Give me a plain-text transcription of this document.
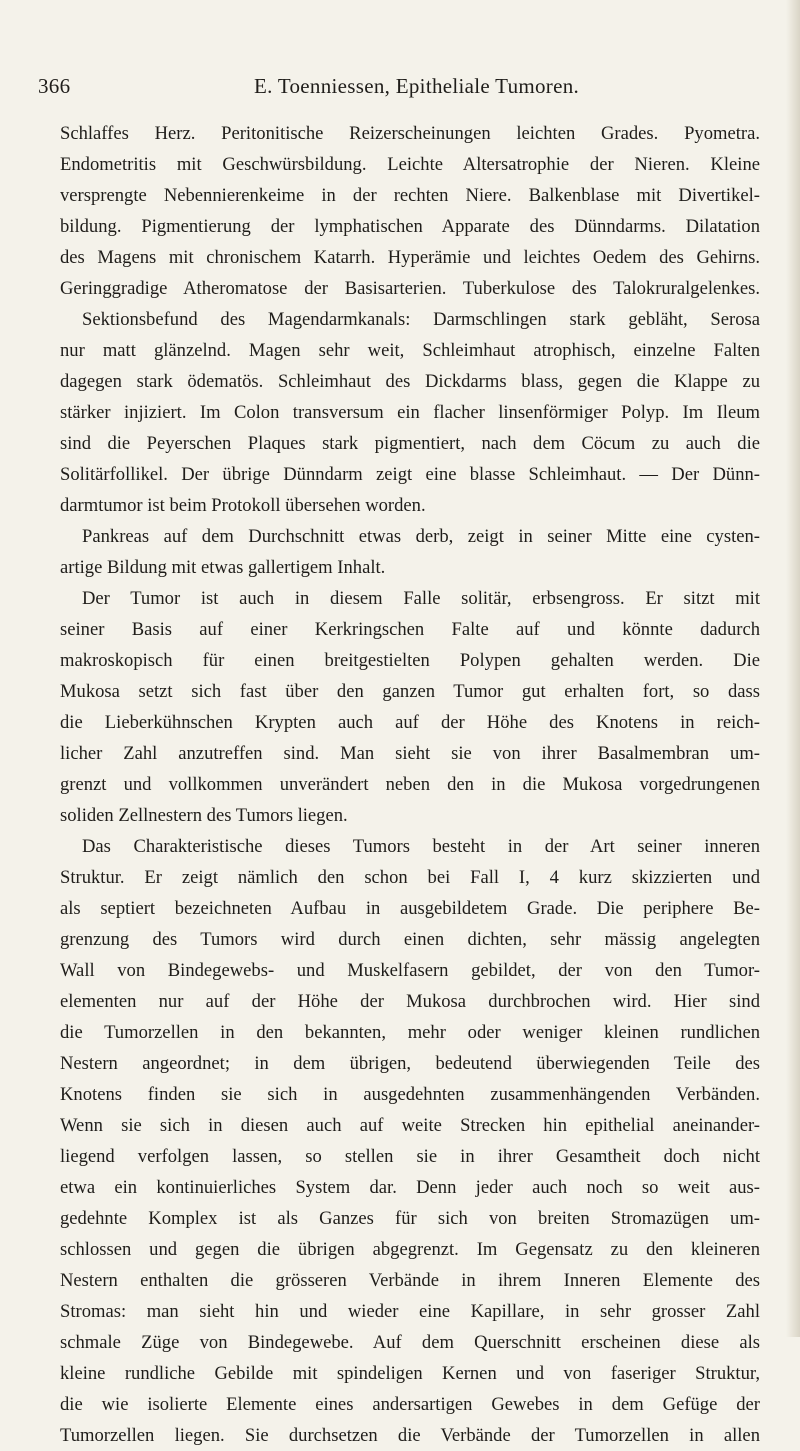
366	E. Toenniessen, Epitheliale Tumoren.

Schlaffes Herz. Peritonitische Reizerscheinungen leichten Grades. Pyometra.

Endometritis mit Geschwürsbildung. Leichte Altersatrophie der Nieren. Kleine

versprengte Nebennierenkeime in der rechten Niere. Balkenblase mit Divertikel-

bildung. Pigmentierung der lymphatischen Apparate des Dünndarms. Dilatation

des Magens mit chronischem Katarrh. Hyperämie und leichtes Oedem des Gehirns.

Geringgradige Atheromatose der Basisarterien. Tuberkulose des Talokruralgelenkes.

Sektionsbefund des Magendarmkanals: Darmschlingen stark gebläht, Serosa

nur matt glänzelnd. Magen sehr weit, Schleimhaut atrophisch, einzelne Falten

dagegen stark ödematös. Schleimhaut des Dickdarms blass, gegen die Klappe zu

stärker injiziert. Im Colon transversum ein flacher linsenförmiger Polyp. Im Ileum

sind die Peyerschen Plaques stark pigmentiert, nach dem Cöcum zu auch die

Solitärfollikel. Der übrige Dünndarm zeigt eine blasse Schleimhaut. — Der Dünn-

darmtumor ist beim Protokoll übersehen worden.

Pankreas auf dem Durchschnitt etwas derb, zeigt in seiner Mitte eine cysten-

artige Bildung mit etwas gallertigem Inhalt.

Der Tumor ist auch in diesem Falle solitär, erbsengross. Er sitzt mit

seiner Basis auf einer Kerkringschen Falte auf und könnte dadurch

makroskopisch für einen breitgestielten Polypen gehalten werden. Die

Mukosa setzt sich fast über den ganzen Tumor gut erhalten fort, so dass

die Lieberkühnschen Krypten auch auf der Höhe des Knotens in reich-

licher Zahl anzutreffen sind. Man sieht sie von ihrer Basalmembran um-

grenzt und vollkommen unverändert neben den in die Mukosa vorgedrungenen

soliden Zellnestern des Tumors liegen.

Das Charakteristische dieses Tumors besteht in der Art seiner inneren

Struktur. Er zeigt nämlich den schon bei Fall I, 4 kurz skizzierten und

als septiert bezeichneten Aufbau in ausgebildetem Grade. Die periphere Be-

grenzung des Tumors wird durch einen dichten, sehr mässig angelegten

Wall von Bindegewebs- und Muskelfasern gebildet, der von den Tumor-

elementen nur auf der Höhe der Mukosa durchbrochen wird. Hier sind

die Tumorzellen in den bekannten, mehr oder weniger kleinen rundlichen

Nestern angeordnet; in dem übrigen, bedeutend überwiegenden Teile des

Knotens finden sie sich in ausgedehnten zusammenhängenden Verbänden.

Wenn sie sich in diesen auch auf weite Strecken hin epithelial aneinander-

liegend verfolgen lassen, so stellen sie in ihrer Gesamtheit doch nicht

etwa ein kontinuierliches System dar. Denn jeder auch noch so weit aus-

gedehnte Komplex ist als Ganzes für sich von breiten Stromazügen um-

schlossen und gegen die übrigen abgegrenzt. Im Gegensatz zu den kleineren

Nestern enthalten die grösseren Verbände in ihrem Inneren Elemente des

Stromas: man sieht hin und wieder eine Kapillare, in sehr grosser Zahl

schmale Züge von Bindegewebe. Auf dem Querschnitt erscheinen diese als

kleine rundliche Gebilde mit spindeligen Kernen und von faseriger Struktur,

die wie isolierte Elemente eines andersartigen Gewebes in dem Gefüge der

Tumorzellen liegen. Sie durchsetzen die Verbände der Tumorzellen in allen
